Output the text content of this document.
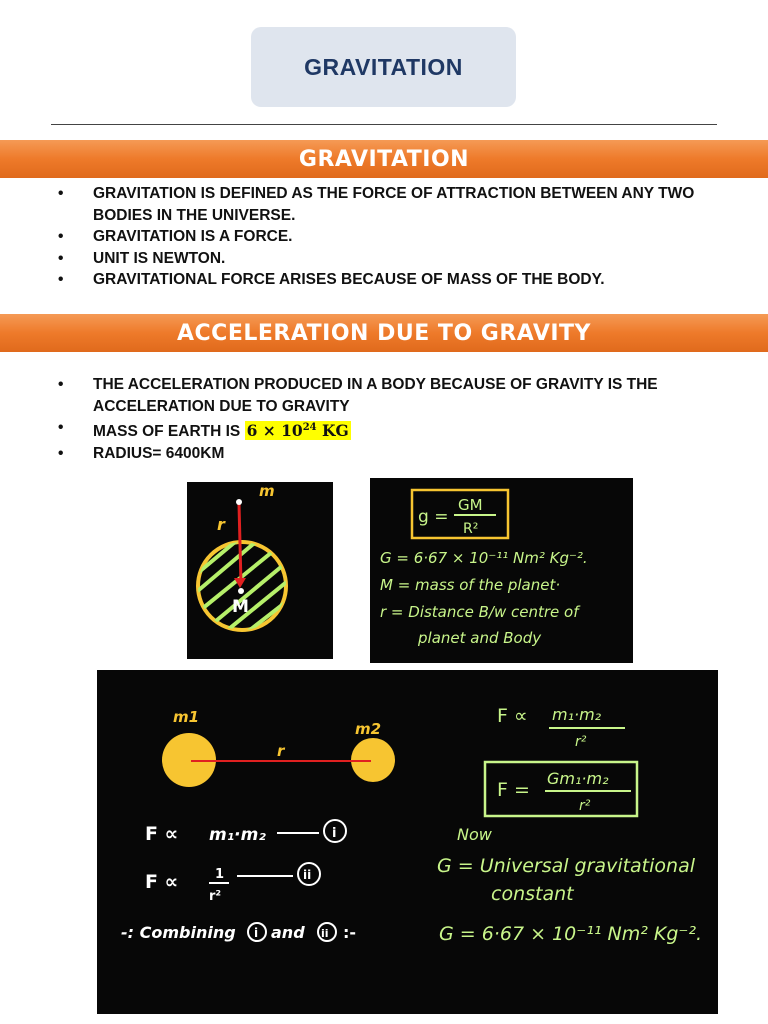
GRAVITATION
GRAVITATION
• GRAVITATION IS DEFINED AS THE FORCE OF ATTRACTION BETWEEN ANY TWO BODIES IN THE UNIVERSE.
• GRAVITATION IS A FORCE.
• UNIT IS NEWTON.
• GRAVITATIONAL FORCE ARISES BECAUSE OF MASS OF THE BODY.
ACCELERATION DUE TO GRAVITY
• THE ACCELERATION PRODUCED IN A BODY BECAUSE OF GRAVITY IS THE ACCELERATION DUE TO GRAVITY
• MASS OF EARTH IS $6 \times 10^{24}$ KG
• RADIUS= 6400KM
m
r
M
g =
GM
R²
G = 6·67 × 10⁻¹¹ Nm² Kg⁻².
M = mass of the planet·
r = Distance B/w centre of
planet and Body
m1
m2
r
F ∝ m₁·m₂	i
F ∝	1
r²
ii
-: Combining i and ii :-
F ∝ m₁·m₂
r²
F =
Gm₁·m₂
r²
Now
G = Universal gravitational
constant
G = 6·67 × 10⁻¹¹ Nm² Kg⁻².
